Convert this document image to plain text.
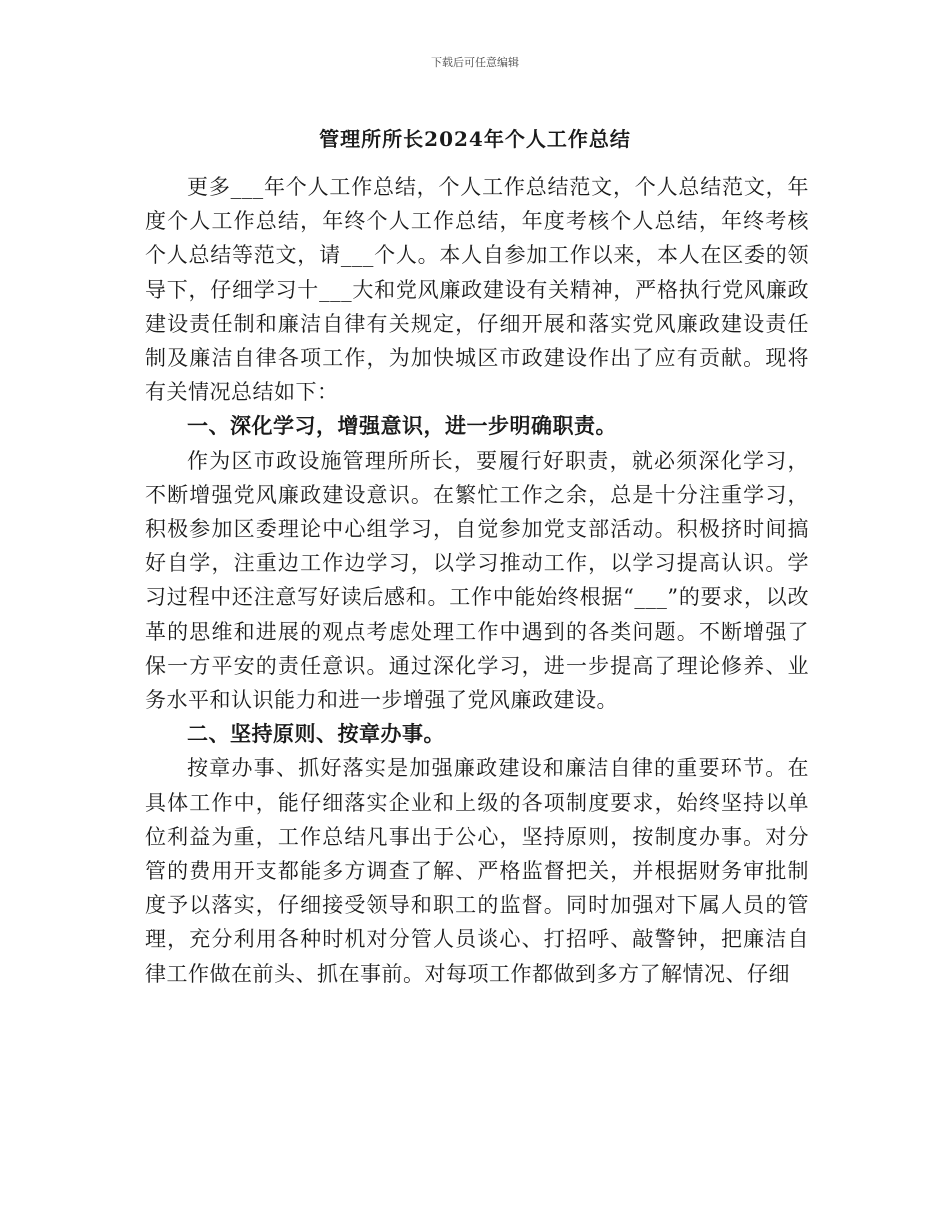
下载后可任意编辑
管理所所长2024年个人工作总结

更多___年个人工作总结，个人工作总结范文，个人总结范文，年度个人工作总结，年终个人工作总结，年度考核个人总结，年终考核个人总结等范文，请___个人。本人自参加工作以来，本人在区委的领导下，仔细学习十___大和党风廉政建设有关精神，严格执行党风廉政建设责任制和廉洁自律有关规定，仔细开展和落实党风廉政建设责任制及廉洁自律各项工作，为加快城区市政建设作出了应有贡献。现将有关情况总结如下：

一、深化学习，增强意识，进一步明确职责。

作为区市政设施管理所所长，要履行好职责，就必须深化学习，不断增强党风廉政建设意识。在繁忙工作之余，总是十分注重学习，积极参加区委理论中心组学习，自觉参加党支部活动。积极挤时间搞好自学，注重边工作边学习，以学习推动工作，以学习提高认识。学习过程中还注意写好读后感和。工作中能始终根据“___”的要求，以改革的思维和进展的观点考虑处理工作中遇到的各类问题。不断增强了保一方平安的责任意识。通过深化学习，进一步提高了理论修养、业务水平和认识能力和进一步增强了党风廉政建设。

二、坚持原则、按章办事。

按章办事、抓好落实是加强廉政建设和廉洁自律的重要环节。在具体工作中，能仔细落实企业和上级的各项制度要求，始终坚持以单位利益为重，工作总结凡事出于公心，坚持原则，按制度办事。对分管的费用开支都能多方调查了解、严格监督把关，并根据财务审批制度予以落实，仔细接受领导和职工的监督。同时加强对下属人员的管理，充分利用各种时机对分管人员谈心、打招呼、敲警钟，把廉洁自律工作做在前头、抓在事前。对每项工作都做到多方了解情况、仔细
